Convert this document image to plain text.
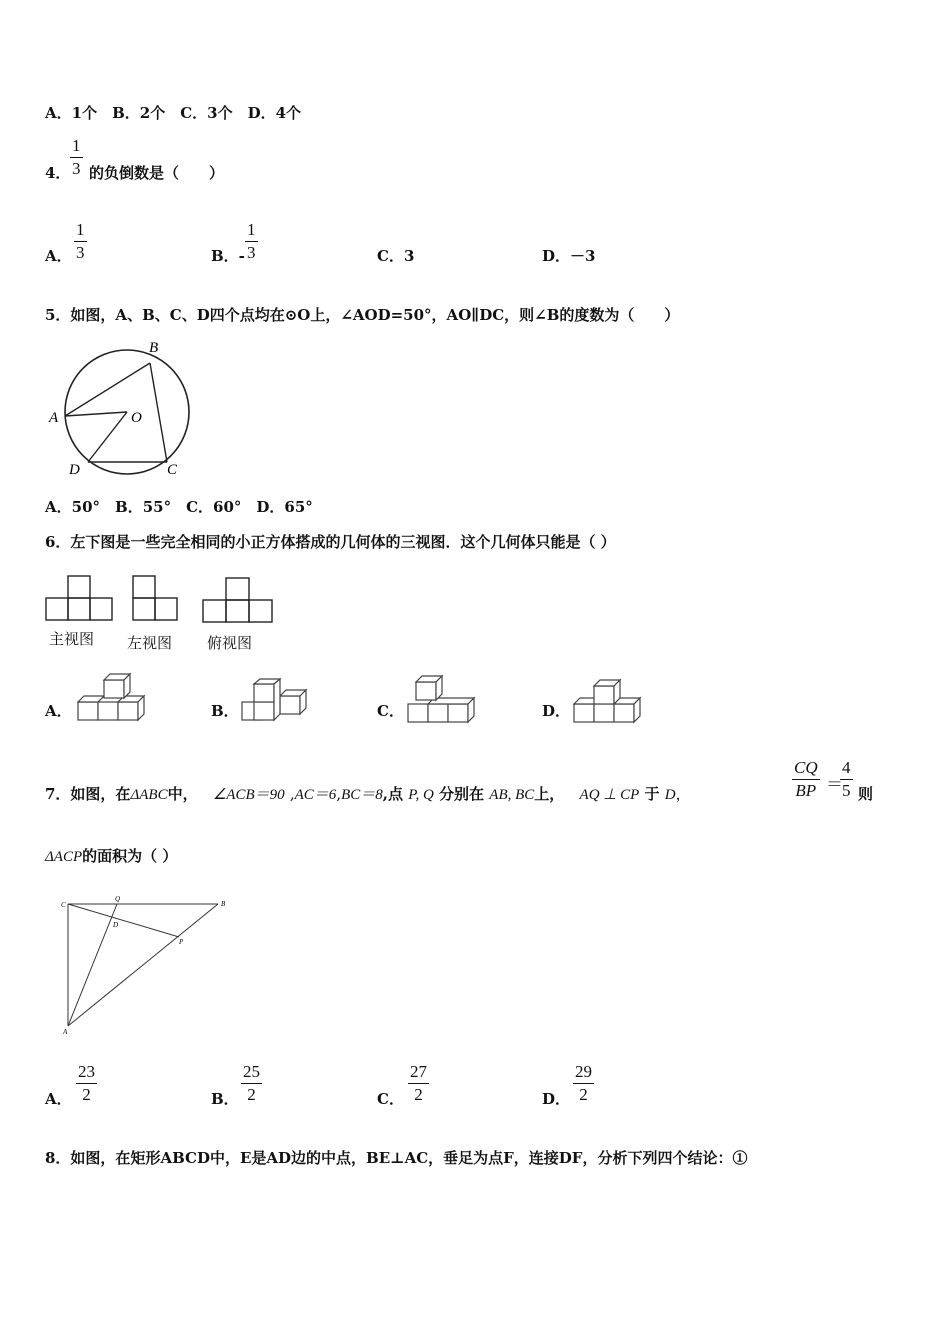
A．1个　B．2个　C．3个　D．4个
4． $\frac{1}{3}$ 的负倒数是（　　）
A． $\frac{1}{3}$	B．- $\frac{1}{3}$	C．3	D．－3
5．如图，A、B、C、D四个点均在⊙O上，∠AOD=50°，AO∥DC，则∠B的度数为（　　）
A
B
C
D
O
A．50°　B．55°　C．60°　D．65°
6．左下图是一些完全相同的小正方体搭成的几何体的三视图．这个几何体只能是（ ）
主视图 左视图 俯视图
A．	B．	C．	D．
7．如图，在ΔABC中， ∠ACB＝90 ,AC＝6,BC＝8,点 P, Q 分别在 AB, BC上， AQ ⊥ CP 于 D，	$\frac{CQ}{BP}$ ＝
$\frac{4}{5}$ 则
ΔACP的面积为（ ）
C
Q
B
D
P
A
A． $\frac{23}{2}$	B． $\frac{25}{2}$	C． $\frac{27}{2}$	D． $\frac{29}{2}$
8．如图，在矩形ABCD中，E是AD边的中点，BE⊥AC，垂足为点F，连接DF，分析下列四个结论：①
